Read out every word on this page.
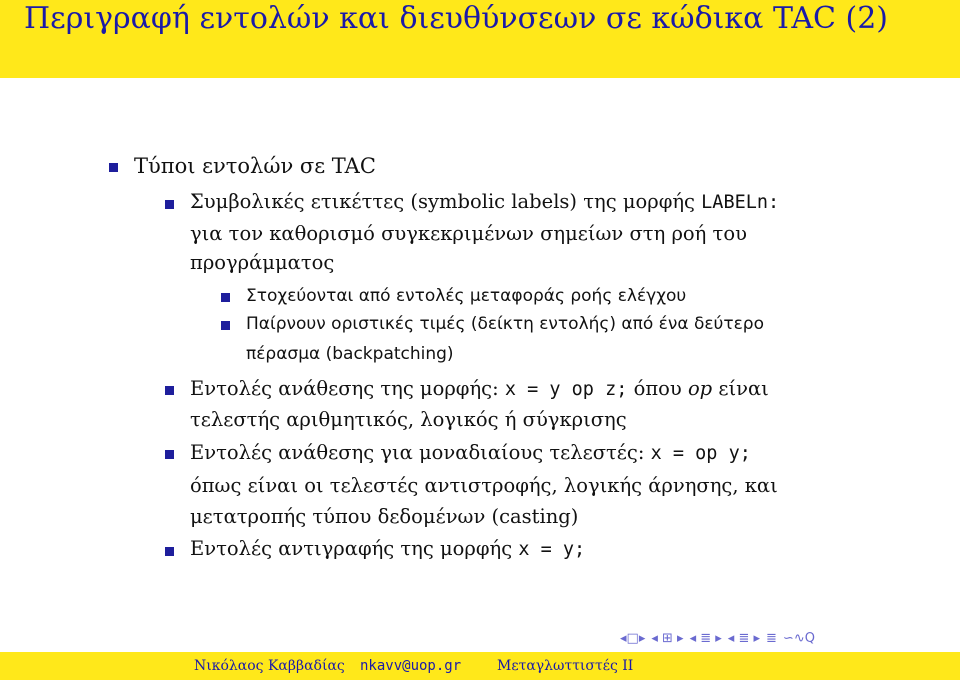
Περιγραφή εντολών και διευθύνσεων σε κώδικα TAC (2)
Τύποι εντολών σε TAC
Συμβολικές ετικέττες (symbolic labels) της μορφής LABELn:
για τον καθορισμό συγκεκριμένων σημείων στη ροή του
προγράμματος
Στοχεύονται από εντολές μεταφοράς ροής ελέγχου
Παίρνουν οριστικές τιμές (δείκτη εντολής) από ένα δεύτερο
πέρασμα (backpatching)
Εντολές ανάθεσης της μορφής: x = y op z; όπου op είναι
τελεστής αριθμητικός, λογικός ή σύγκρισης
Εντολές ανάθεσης για μοναδιαίους τελεστές: x = op y;
όπως είναι οι τελεστές αντιστροφής, λογικής άρνησης, και
μετατροπής τύπου δεδομένων (casting)
Εντολές αντιγραφής της μορφής x = y;
◂□▸ ◂ ⊞ ▸ ◂ ≣ ▸ ◂ ≣ ▸ ≣ ∽∿Q
Νικόλαος Καββαδίας nkavv@uop.gr	Μεταγλωττιστές ΙΙ
